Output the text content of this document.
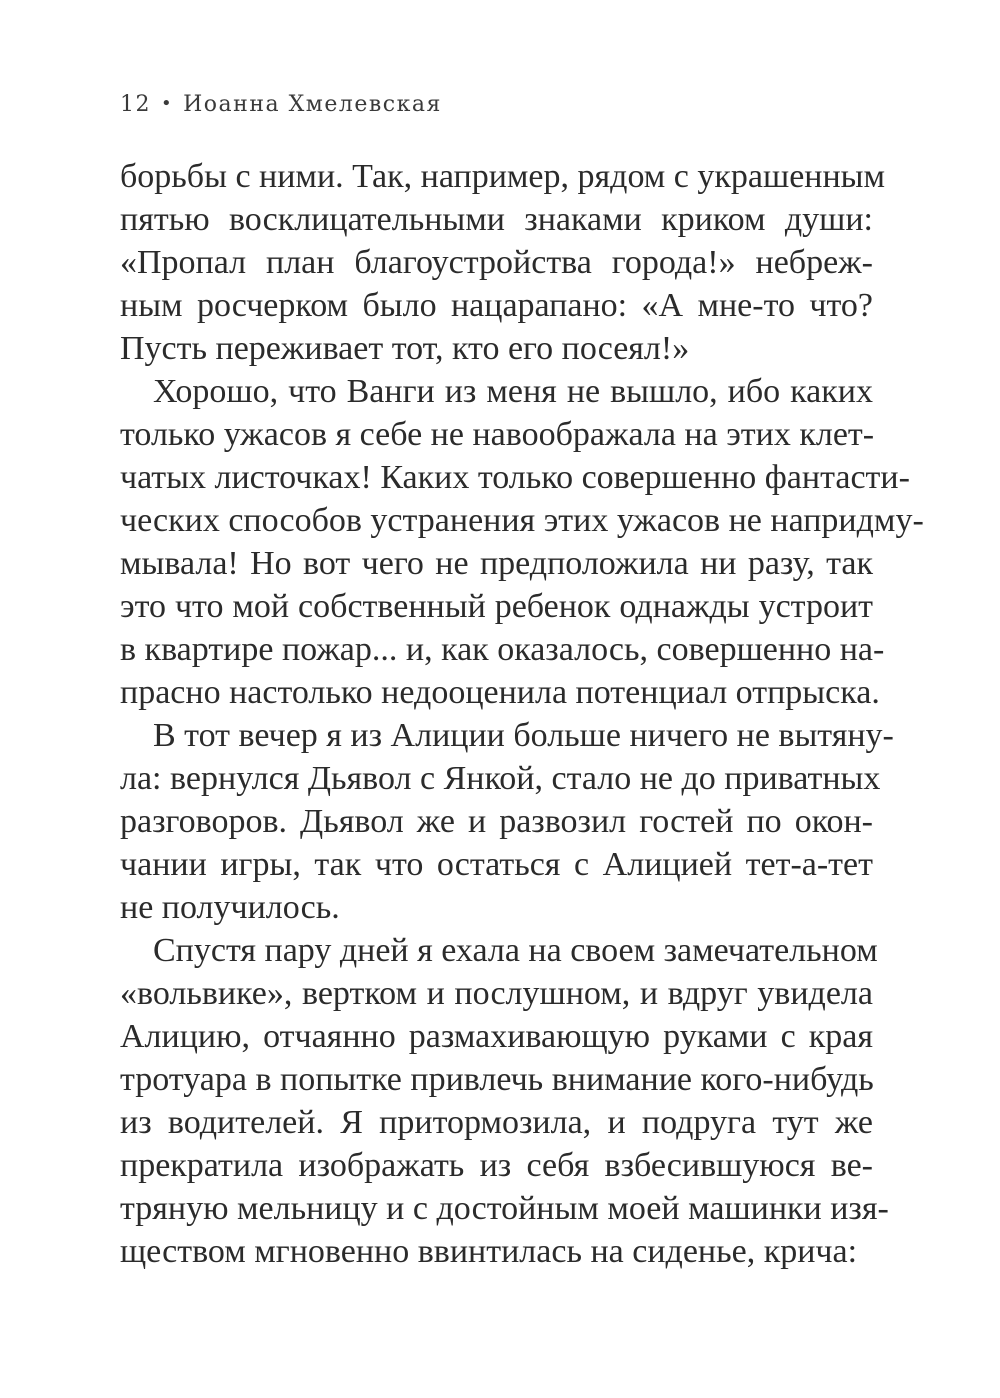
12 • Иоанна Хмелевская
борьбы с ними. Так, например, рядом с украшенным
пятью восклицательными знаками криком души:
«Пропал план благоустройства города!» небреж-
ным росчерком было нацарапано: «А мне-то что?
Пусть переживает тот, кто его посеял!»
Хорошо, что Ванги из меня не вышло, ибо каких
только ужасов я себе не навоображала на этих клет-
чатых листочках! Каких только совершенно фантасти-
ческих способов устранения этих ужасов не напридму-
мывала! Но вот чего не предположила ни разу, так
это что мой собственный ребенок однажды устроит
в квартире пожар... и, как оказалось, совершенно на-
прасно настолько недооценила потенциал отпрыска.
В тот вечер я из Алиции больше ничего не вытяну-
ла: вернулся Дьявол с Янкой, стало не до приватных
разговоров. Дьявол же и развозил гостей по окон-
чании игры, так что остаться с Алицией тет-а-тет
не получилось.
Спустя пару дней я ехала на своем замечательном
«вольвике», вертком и послушном, и вдруг увидела
Алицию, отчаянно размахивающую руками с края
тротуара в попытке привлечь внимание кого-нибудь
из водителей. Я притормозила, и подруга тут же
прекратила изображать из себя взбесившуюся ве-
тряную мельницу и с достойным моей машинки изя-
ществом мгновенно ввинтилась на сиденье, крича:
